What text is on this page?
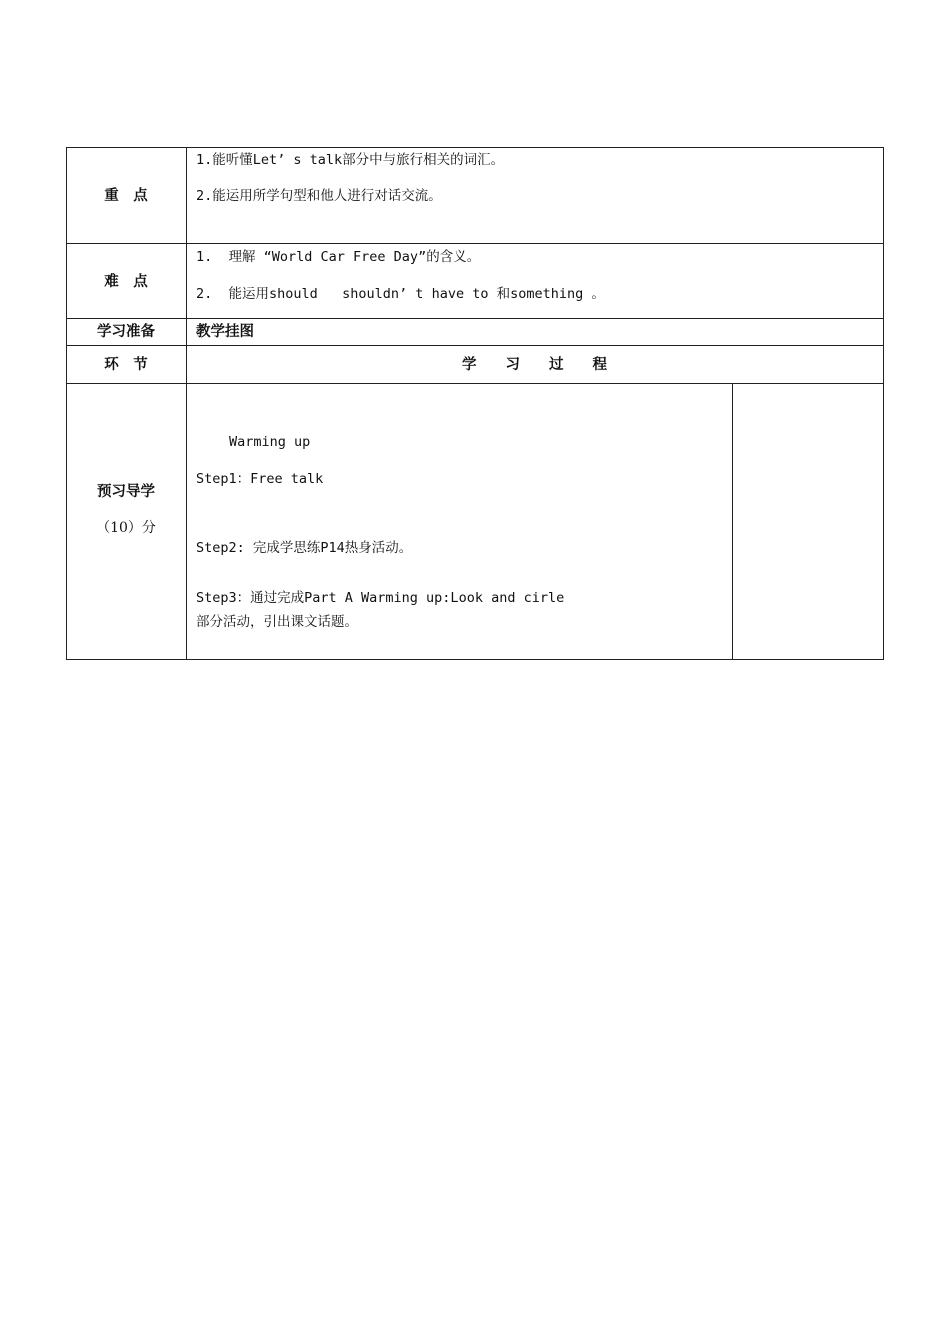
重　点
1.能听懂Let’ s talk部分中与旅行相关的词汇。
2.能运用所学句型和他人进行对话交流。
难　点
1.  理解 “World Car Free Day”的含义。
2.  能运用should   shouldn’ t have to 和something 。
学习准备	教学挂图
环　节	学　　习　　过　　程
预习导学
（10）分
Warming up
Step1：Free talk
Step2: 完成学思练P14热身活动。
Step3：通过完成Part A Warming up:Look and cirle
部分活动，引出课文话题。
